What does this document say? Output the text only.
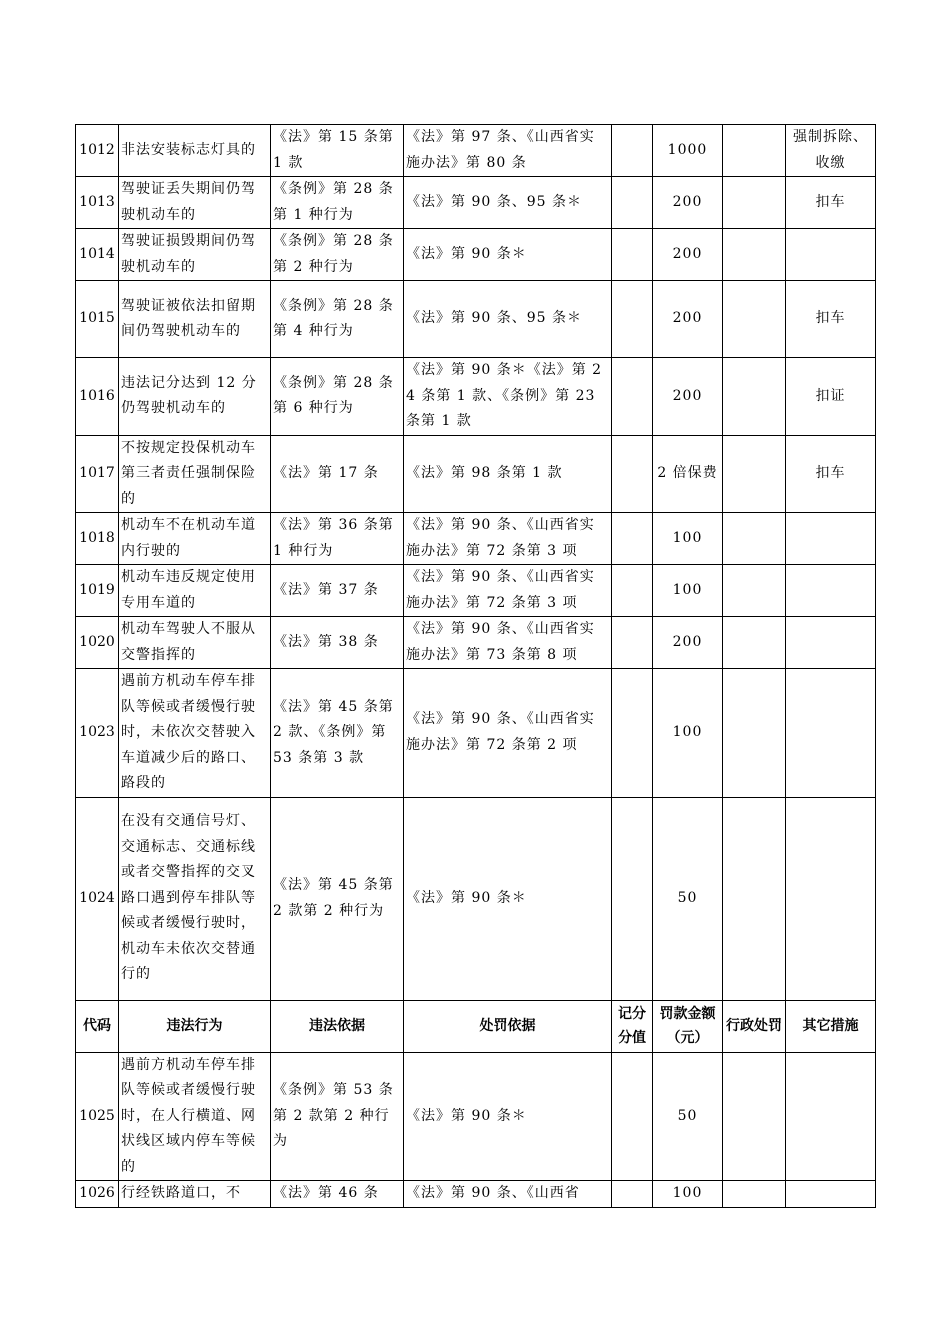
1012	非法安装标志灯具的	《法》第 15 条第 1 款	《法》第 97 条、《山西省实施办法》第 80 条		1000		强制拆除、收缴
1013	驾驶证丢失期间仍驾驶机动车的	《条例》第 28 条第 1 种行为	《法》第 90 条、95 条＊		200		扣车
1014	驾驶证损毁期间仍驾驶机动车的	《条例》第 28 条第 2 种行为	《法》第 90 条＊		200		
1015	驾驶证被依法扣留期间仍驾驶机动车的	《条例》第 28 条第 4 种行为	《法》第 90 条、95 条＊		200		扣车
1016	违法记分达到 12 分仍驾驶机动车的	《条例》第 28 条第 6 种行为	《法》第 90 条＊《法》第 24 条第 1 款、《条例》第 23 条第 1 款		200		扣证
1017	不按规定投保机动车第三者责任强制保险的	《法》第 17 条	《法》第 98 条第 1 款		2 倍保费		扣车
1018	机动车不在机动车道内行驶的	《法》第 36 条第 1 种行为	《法》第 90 条、《山西省实施办法》第 72 条第 3 项		100		
1019	机动车违反规定使用专用车道的	《法》第 37 条	《法》第 90 条、《山西省实施办法》第 72 条第 3 项		100		
1020	机动车驾驶人不服从交警指挥的	《法》第 38 条	《法》第 90 条、《山西省实施办法》第 73 条第 8 项		200		
1023	遇前方机动车停车排队等候或者缓慢行驶时，未依次交替驶入车道减少后的路口、路段的	《法》第 45 条第 2 款、《条例》第 53 条第 3 款	《法》第 90 条、《山西省实施办法》第 72 条第 2 项		100		
1024	在没有交通信号灯、交通标志、交通标线或者交警指挥的交叉路口遇到停车排队等候或者缓慢行驶时，机动车未依次交替通行的	《法》第 45 条第 2 款第 2 种行为	《法》第 90 条＊		50		
代码	违法行为	违法依据	处罚依据	记分分值	罚款金额（元）	行政处罚	其它措施
1025	遇前方机动车停车排队等候或者缓慢行驶时，在人行横道、网状线区域内停车等候的	《条例》第 53 条第 2 款第 2 种行为	《法》第 90 条＊		50		
1026	行经铁路道口，不	《法》第 46 条	《法》第 90 条、《山西省		100		
